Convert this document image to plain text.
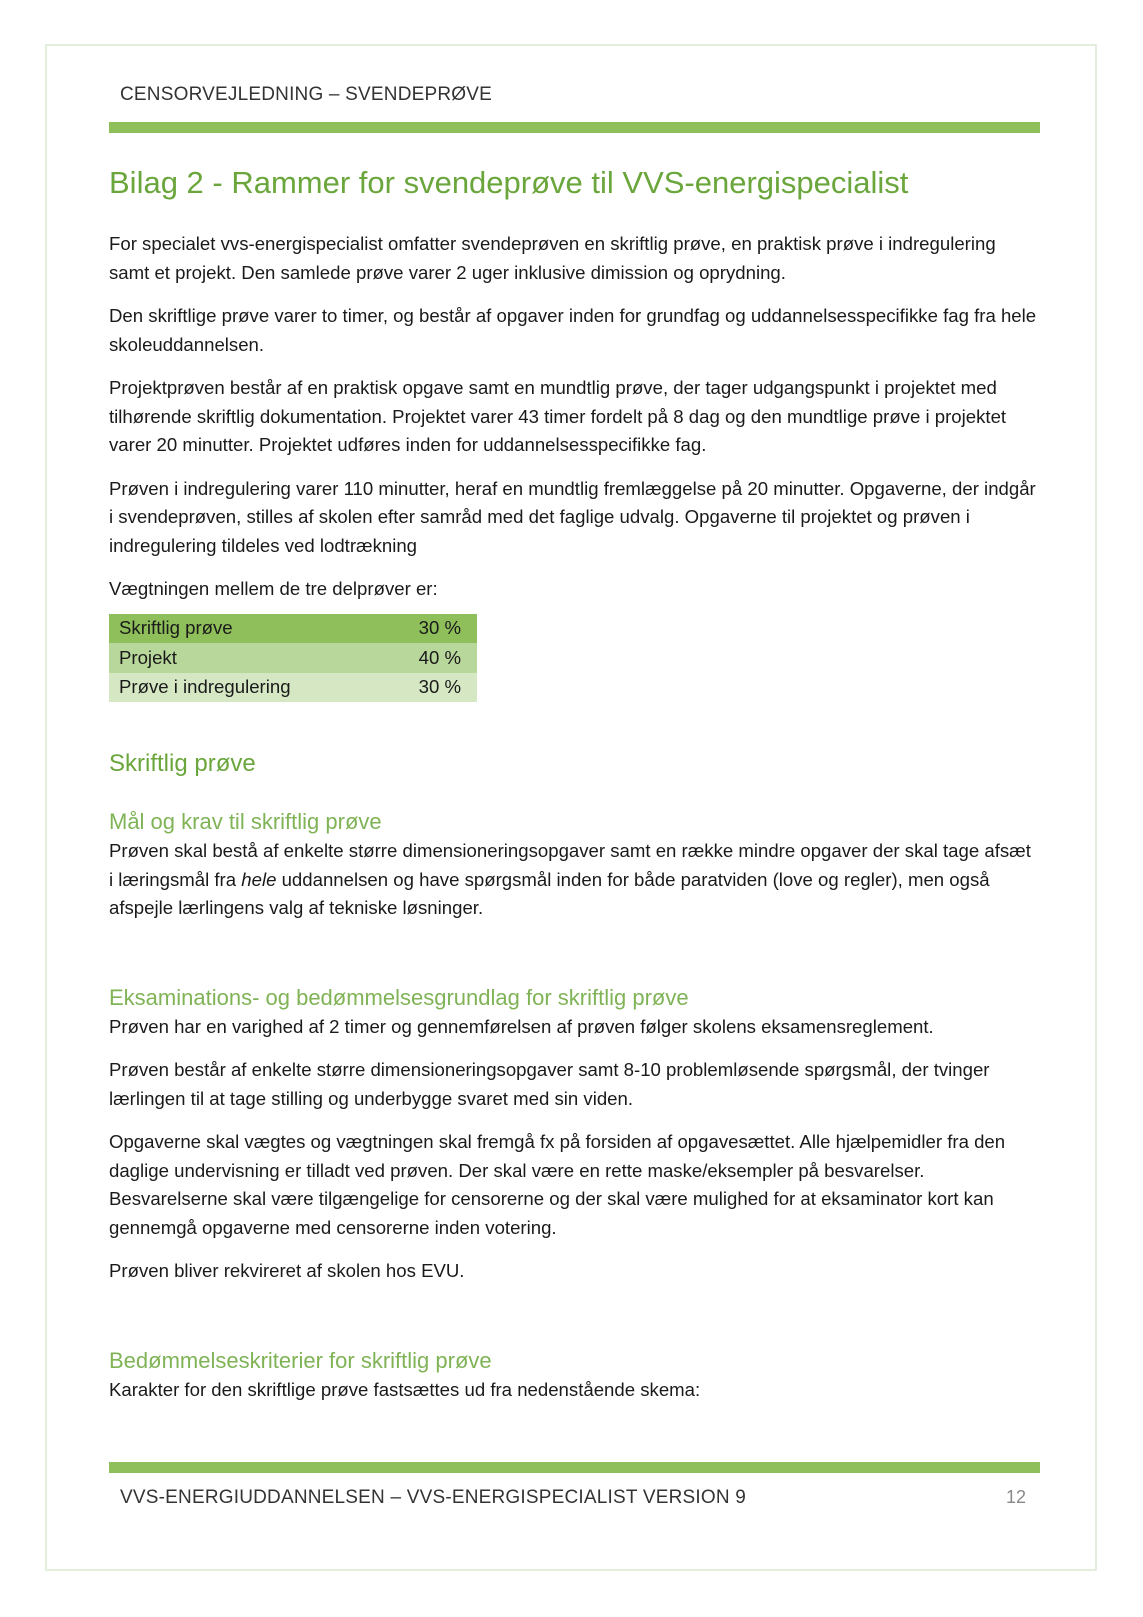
CENSORVEJLEDNING – SVENDEPRØVE
Bilag 2 - Rammer for svendeprøve til VVS-energispecialist

For specialet vvs-energispecialist omfatter svendeprøven en skriftlig prøve, en praktisk prøve i indregulering samt et projekt. Den samlede prøve varer 2 uger inklusive dimission og oprydning.

Den skriftlige prøve varer to timer, og består af opgaver inden for grundfag og uddannelsesspecifikke fag fra hele skoleuddannelsen.

Projektprøven består af en praktisk opgave samt en mundtlig prøve, der tager udgangspunkt i projektet med tilhørende skriftlig dokumentation. Projektet varer 43 timer fordelt på 8 dag og den mundtlige prøve i projektet varer 20 minutter. Projektet udføres inden for uddannelsesspecifikke fag.

Prøven i indregulering varer 110 minutter, heraf en mundtlig fremlæggelse på 20 minutter. Opgaverne, der indgår i svendeprøven, stilles af skolen efter samråd med det faglige udvalg. Opgaverne til projektet og prøven i indregulering tildeles ved lodtrækning

Vægtningen mellem de tre delprøver er:

Skriftlig prøve	30 %
Projekt	40 %
Prøve i indregulering	30 %
Skriftlig prøve
Mål og krav til skriftlig prøve

Prøven skal bestå af enkelte større dimensioneringsopgaver samt en række mindre opgaver der skal tage afsæt i læringsmål fra hele uddannelsen og have spørgsmål inden for både paratviden (love og regler), men også afspejle lærlingens valg af tekniske løsninger.

Eksaminations- og bedømmelsesgrundlag for skriftlig prøve

Prøven har en varighed af 2 timer og gennemførelsen af prøven følger skolens eksamensreglement.

Prøven består af enkelte større dimensioneringsopgaver samt 8-10 problemløsende spørgsmål, der tvinger lærlingen til at tage stilling og underbygge svaret med sin viden.

Opgaverne skal vægtes og vægtningen skal fremgå fx på forsiden af opgavesættet. Alle hjælpemidler fra den daglige undervisning er tilladt ved prøven. Der skal være en rette maske/eksempler på besvarelser. Besvarelserne skal være tilgængelige for censorerne og der skal være mulighed for at eksaminator kort kan gennemgå opgaverne med censorerne inden votering.

Prøven bliver rekvireret af skolen hos EVU.

Bedømmelseskriterier for skriftlig prøve

Karakter for den skriftlige prøve fastsættes ud fra nedenstående skema:

VVS-ENERGIUDDANNELSEN – VVS-ENERGISPECIALIST VERSION 9	12
